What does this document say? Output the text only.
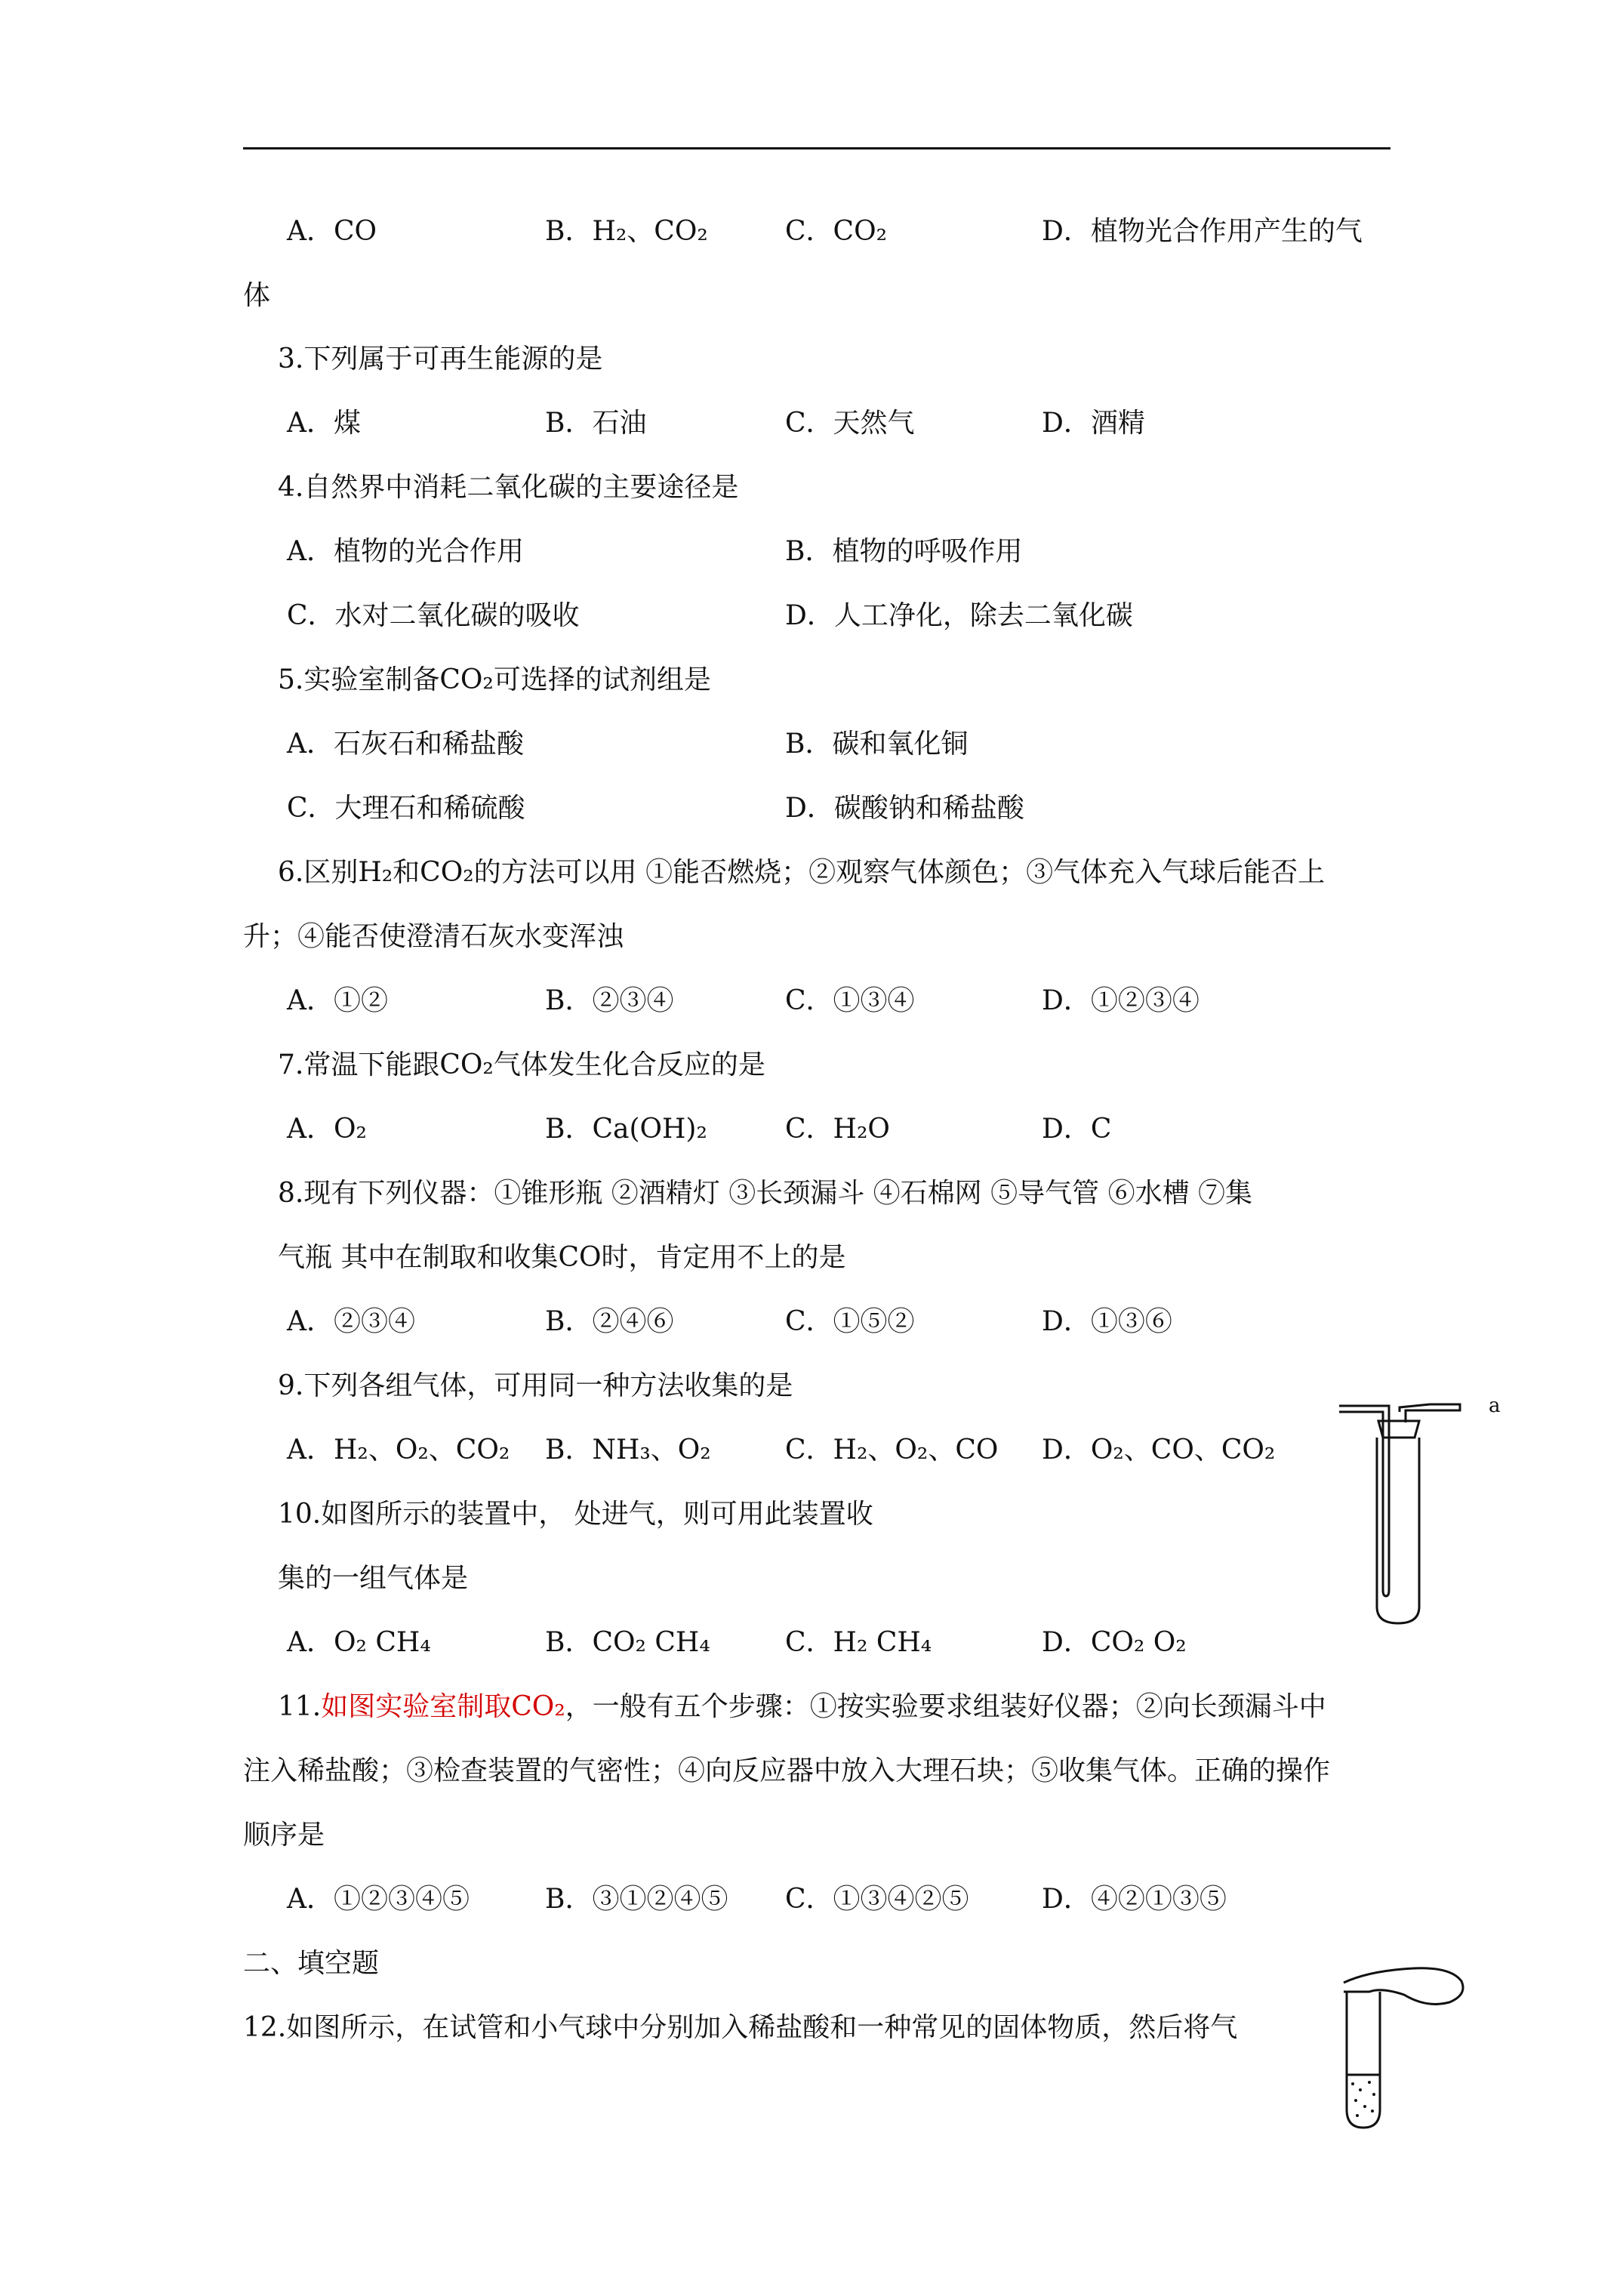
A．CO	B．H₂、CO₂	C．CO₂	D．植物光合作用产生的气
体
3.下列属于可再生能源的是
A．煤	B．石油	C．天然气	D．酒精
4.自然界中消耗二氧化碳的主要途径是
A．植物的光合作用	B．植物的呼吸作用
C．水对二氧化碳的吸收	D．人工净化，除去二氧化碳
5.实验室制备CO₂可选择的试剂组是
A．石灰石和稀盐酸	B．碳和氧化铜
C．大理石和稀硫酸	D．碳酸钠和稀盐酸
6.区别H₂和CO₂的方法可以用 ①能否燃烧；②观察气体颜色；③气体充入气球后能否上
升；④能否使澄清石灰水变浑浊
A．①②	B．②③④	C．①③④	D．①②③④
7.常温下能跟CO₂气体发生化合反应的是
A．O₂	B．Ca(OH)₂	C．H₂O	D．C
8.现有下列仪器：①锥形瓶 ②酒精灯 ③长颈漏斗 ④石棉网 ⑤导气管 ⑥水槽 ⑦集
气瓶 其中在制取和收集CO时，肯定用不上的是
A．②③④	B．②④⑥	C．①⑤②	D．①③⑥
9.下列各组气体，可用同一种方法收集的是
A．H₂、O₂、CO₂ B．NH₃、O₂	C．H₂、O₂、CO D．O₂、CO、CO₂
10.如图所示的装置中， 处进气，则可用此装置收
集的一组气体是
A．O₂ CH₄	B．CO₂ CH₄	C．H₂ CH₄	D．CO₂ O₂
a
11.如图实验室制取CO₂，一般有五个步骤：①按实验要求组装好仪器；②向长颈漏斗中
注入稀盐酸；③检查装置的气密性；④向反应器中放入大理石块；⑤收集气体。正确的操作
顺序是
A．①②③④⑤	B．③①②④⑤ C．①③④②⑤	D．④②①③⑤
二、填空题
12.如图所示，在试管和小气球中分别加入稀盐酸和一种常见的固体物质，然后将气
